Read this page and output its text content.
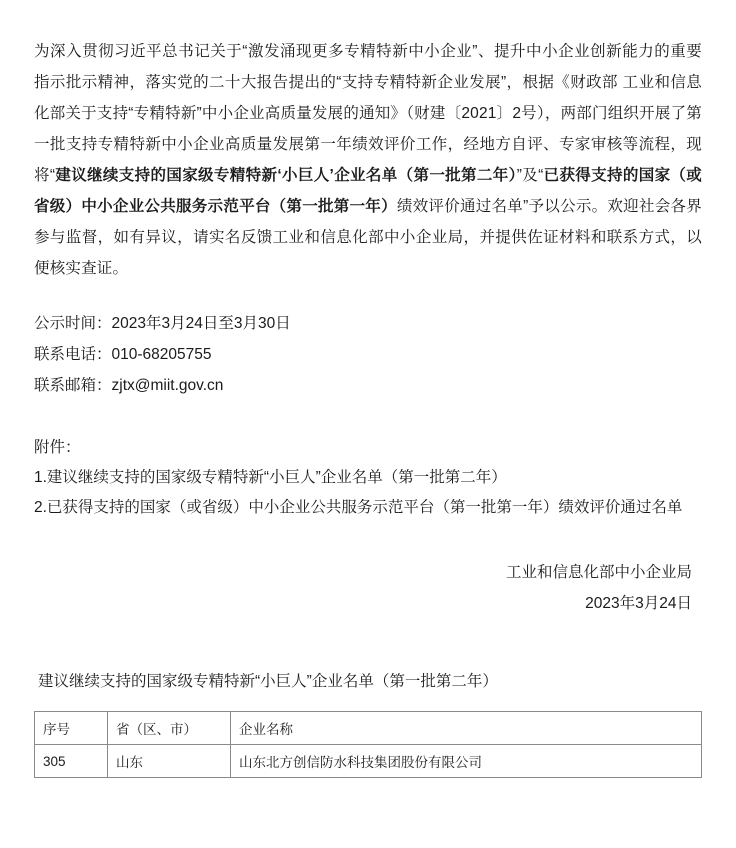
为深入贯彻习近平总书记关于“激发涌现更多专精特新中小企业”、提升中小企业创新能力的重要指示批示精神，落实党的二十大报告提出的“支持专精特新企业发展”，根据《财政部 工业和信息化部关于支持“专精特新”中小企业高质量发展的通知》（财建〔2021〕2号），两部门组织开展了第一批支持专精特新中小企业高质量发展第一年绩效评价工作，经地方自评、专家审核等流程，现将“建议继续支持的国家级专精特新‘小巨人’企业名单（第一批第二年）”及“已获得支持的国家（或省级）中小企业公共服务示范平台（第一批第一年）绩效评价通过名单”予以公示。欢迎社会各界参与监督，如有异议，请实名反馈工业和信息化部中小企业局，并提供佐证材料和联系方式，以便核实查证。
公示时间：2023年3月24日至3月30日
联系电话：010-68205755
联系邮箱：zjtx@miit.gov.cn
附件：
1.建议继续支持的国家级专精特新“小巨人”企业名单（第一批第二年）
2.已获得支持的国家（或省级）中小企业公共服务示范平台（第一批第一年）绩效评价通过名单
工业和信息化部中小企业局
2023年3月24日
建议继续支持的国家级专精特新“小巨人”企业名单（第一批第二年）
序号	省（区、市）	企业名称
305	山东	山东北方创信防水科技集团股份有限公司
